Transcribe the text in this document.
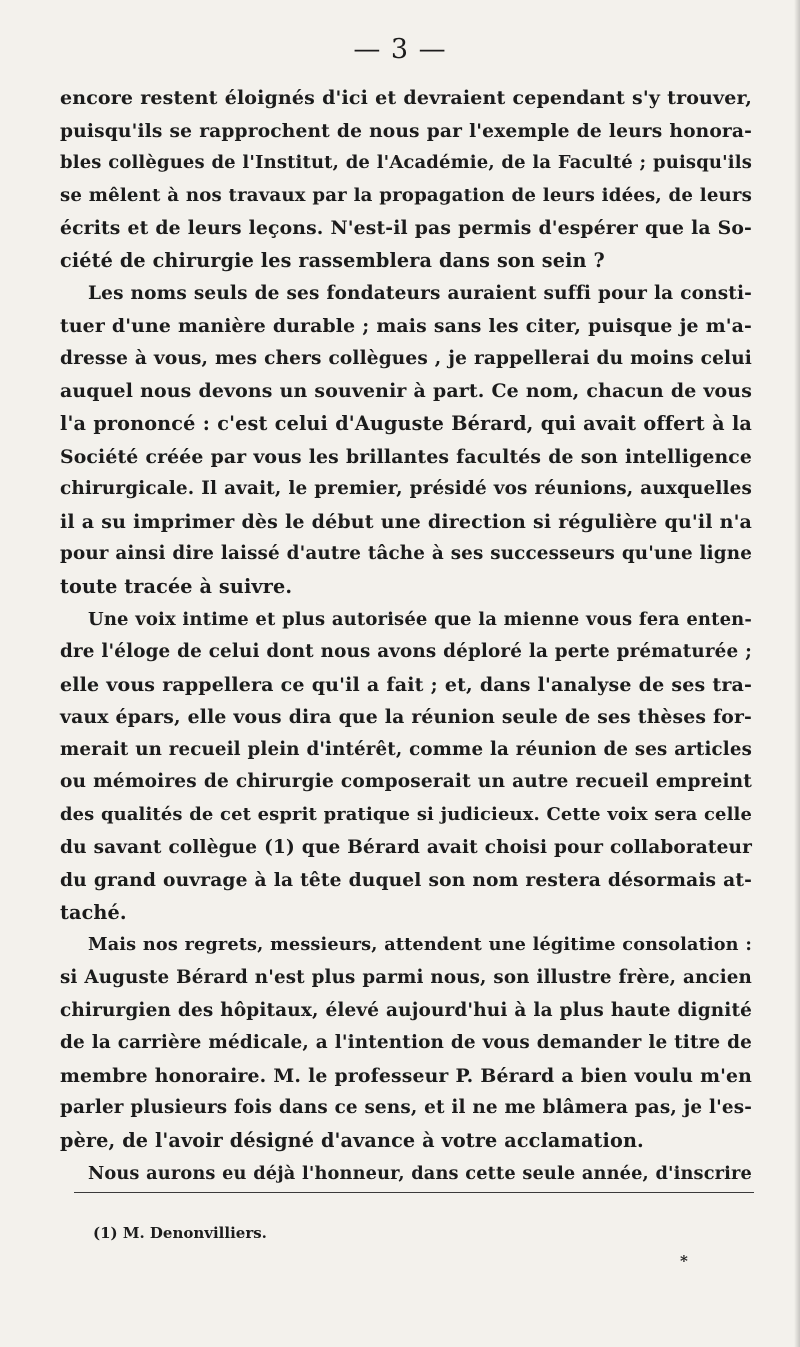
— 3 —
encore restent éloignés d'ici et devraient cependant s'y trouver,
puisqu'ils se rapprochent de nous par l'exemple de leurs honora-
bles collègues de l'Institut, de l'Académie, de la Faculté ; puisqu'ils
se mêlent à nos travaux par la propagation de leurs idées, de leurs
écrits et de leurs leçons. N'est-il pas permis d'espérer que la So-
ciété de chirurgie les rassemblera dans son sein ?
Les noms seuls de ses fondateurs auraient suffi pour la consti-
tuer d'une manière durable ; mais sans les citer, puisque je m'a-
dresse à vous, mes chers collègues , je rappellerai du moins celui
auquel nous devons un souvenir à part. Ce nom, chacun de vous
l'a prononcé : c'est celui d'Auguste Bérard, qui avait offert à la
Société créée par vous les brillantes facultés de son intelligence
chirurgicale. Il avait, le premier, présidé vos réunions, auxquelles
il a su imprimer dès le début une direction si régulière qu'il n'a
pour ainsi dire laissé d'autre tâche à ses successeurs qu'une ligne
toute tracée à suivre.
Une voix intime et plus autorisée que la mienne vous fera enten-
dre l'éloge de celui dont nous avons déploré la perte prématurée ;
elle vous rappellera ce qu'il a fait ; et, dans l'analyse de ses tra-
vaux épars, elle vous dira que la réunion seule de ses thèses for-
merait un recueil plein d'intérêt, comme la réunion de ses articles
ou mémoires de chirurgie composerait un autre recueil empreint
des qualités de cet esprit pratique si judicieux. Cette voix sera celle
du savant collègue (1) que Bérard avait choisi pour collaborateur
du grand ouvrage à la tête duquel son nom restera désormais at-
taché.
Mais nos regrets, messieurs, attendent une légitime consolation :
si Auguste Bérard n'est plus parmi nous, son illustre frère, ancien
chirurgien des hôpitaux, élevé aujourd'hui à la plus haute dignité
de la carrière médicale, a l'intention de vous demander le titre de
membre honoraire. M. le professeur P. Bérard a bien voulu m'en
parler plusieurs fois dans ce sens, et il ne me blâmera pas, je l'es-
père, de l'avoir désigné d'avance à votre acclamation.
Nous aurons eu déjà l'honneur, dans cette seule année, d'inscrire
(1) M. Denonvilliers.
*
